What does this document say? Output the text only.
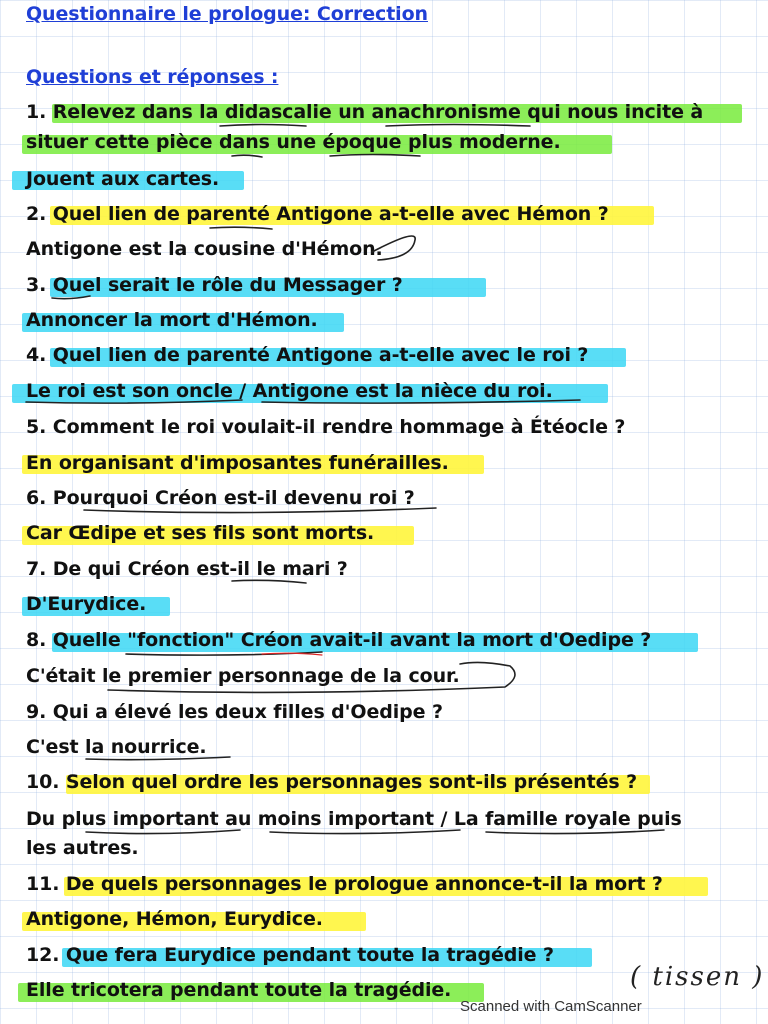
Questionnaire le prologue: Correction
Questions et réponses :
1. Relevez dans la didascalie un anachronisme qui nous incite à
situer cette pièce dans une époque plus moderne.
Jouent aux cartes.
2. Quel lien de parenté Antigone a-t-elle avec Hémon ?
Antigone est la cousine d'Hémon.
3. Quel serait le rôle du Messager ?
Annoncer la mort d'Hémon.
4. Quel lien de parenté Antigone a-t-elle avec le roi ?
Le roi est son oncle / Antigone est la nièce du roi.
5. Comment le roi voulait-il rendre hommage à Étéocle ?
En organisant d'imposantes funérailles.
6. Pourquoi Créon est-il devenu roi ?
Car Œdipe et ses fils sont morts.
7. De qui Créon est-il le mari ?
D'Eurydice.
8. Quelle "fonction" Créon avait-il avant la mort d'Oedipe ?
C'était le premier personnage de la cour.
9. Qui a élevé les deux filles d'Oedipe ?
C'est la nourrice.
10. Selon quel ordre les personnages sont-ils présentés ?
Du plus important au moins important / La famille royale puis
les autres.
11. De quels personnages le prologue annonce-t-il la mort ?
Antigone, Hémon, Eurydice.
12. Que fera Eurydice pendant toute la tragédie ?
Elle tricotera pendant toute la tragédie.	( tissen )
Scanned with CamScanner
